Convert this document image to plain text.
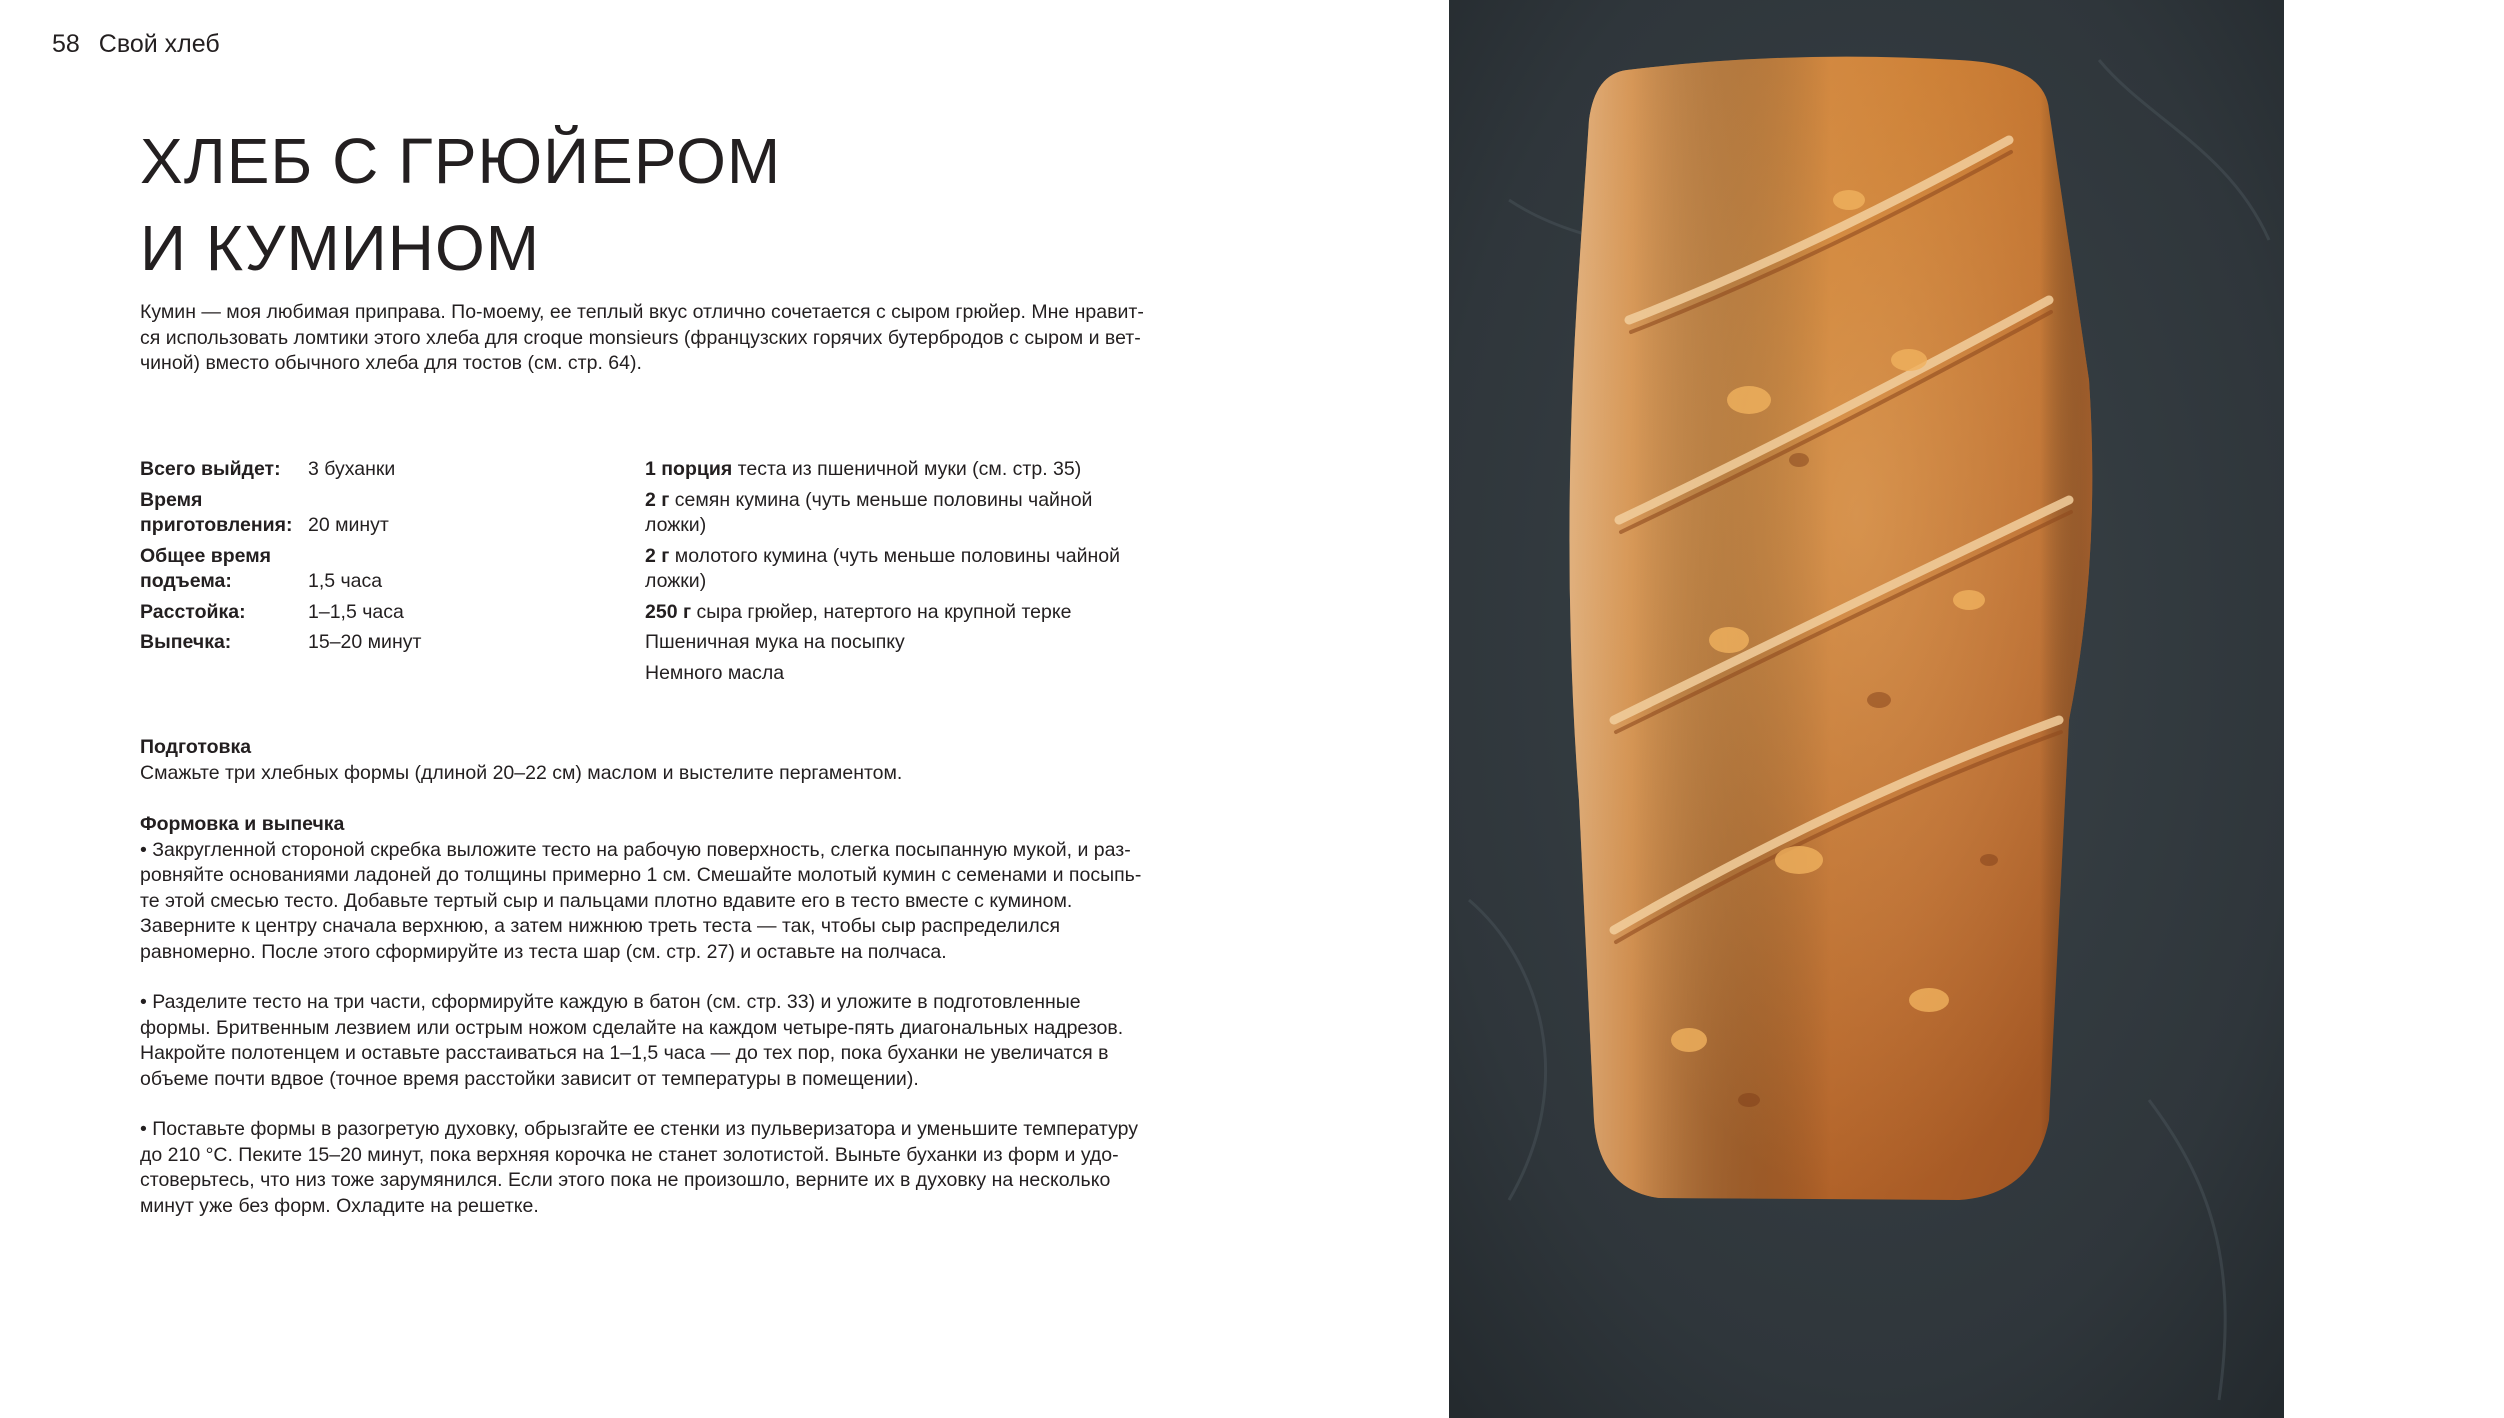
58 Свой хлеб
ХЛЕБ С ГРЮЙЕРОМ
И КУМИНОМ

Кумин — моя любимая приправа. По-моему, ее теплый вкус отлично сочетается с сыром грюйер. Мне нравится использовать ломтики этого хлеба для croque monsieurs (французских горячих бутербродов с сыром и ветчиной) вместо обычного хлеба для тостов (см. стр. 64).

Всего выйдет:	3 буханки
Время приготовления: 20 минут
Общее время подъема:	1,5 часа
Расстойка:	1–1,5 часа
Выпечка:	15–20 минут
1 порция теста из пшеничной муки (см. стр. 35)
2 г семян кумина (чуть меньше половины чайной ложки)
2 г молотого кумина (чуть меньше половины чайной ложки)
250 г сыра грюйер, натертого на крупной терке
Пшеничная мука на посыпку
Немного масла

Подготовка

Смажьте три хлебных формы (длиной 20–22 см) маслом и выстелите пергаментом.

Формовка и выпечка

• Закругленной стороной скребка выложите тесто на рабочую поверхность, слегка посыпанную мукой, и разровняйте основаниями ладоней до толщины примерно 1 см. Смешайте молотый кумин с семенами и посыпьте этой смесью тесто. Добавьте тертый сыр и пальцами плотно вдавите его в тесто вместе с кумином. Заверните к центру сначала верхнюю, а затем нижнюю треть теста — так, чтобы сыр распределился равномерно. После этого сформируйте из теста шар (см. стр. 27) и оставьте на полчаса.

• Разделите тесто на три части, сформируйте каждую в батон (см. стр. 33) и уложите в подготовленные формы. Бритвенным лезвием или острым ножом сделайте на каждом четыре-пять диагональных надрезов. Накройте полотенцем и оставьте расстаиваться на 1–1,5 часа — до тех пор, пока буханки не увеличатся в объеме почти вдвое (точное время расстойки зависит от температуры в помещении).

• Поставьте формы в разогретую духовку, обрызгайте ее стенки из пульверизатора и уменьшите температуру до 210 °C. Пеките 15–20 минут, пока верхняя корочка не станет золотистой. Выньте буханки из форм и удостоверьтесь, что низ тоже зарумянился. Если этого пока не произошло, верните их в духовку на несколько минут уже без форм. Охладите на решетке.
